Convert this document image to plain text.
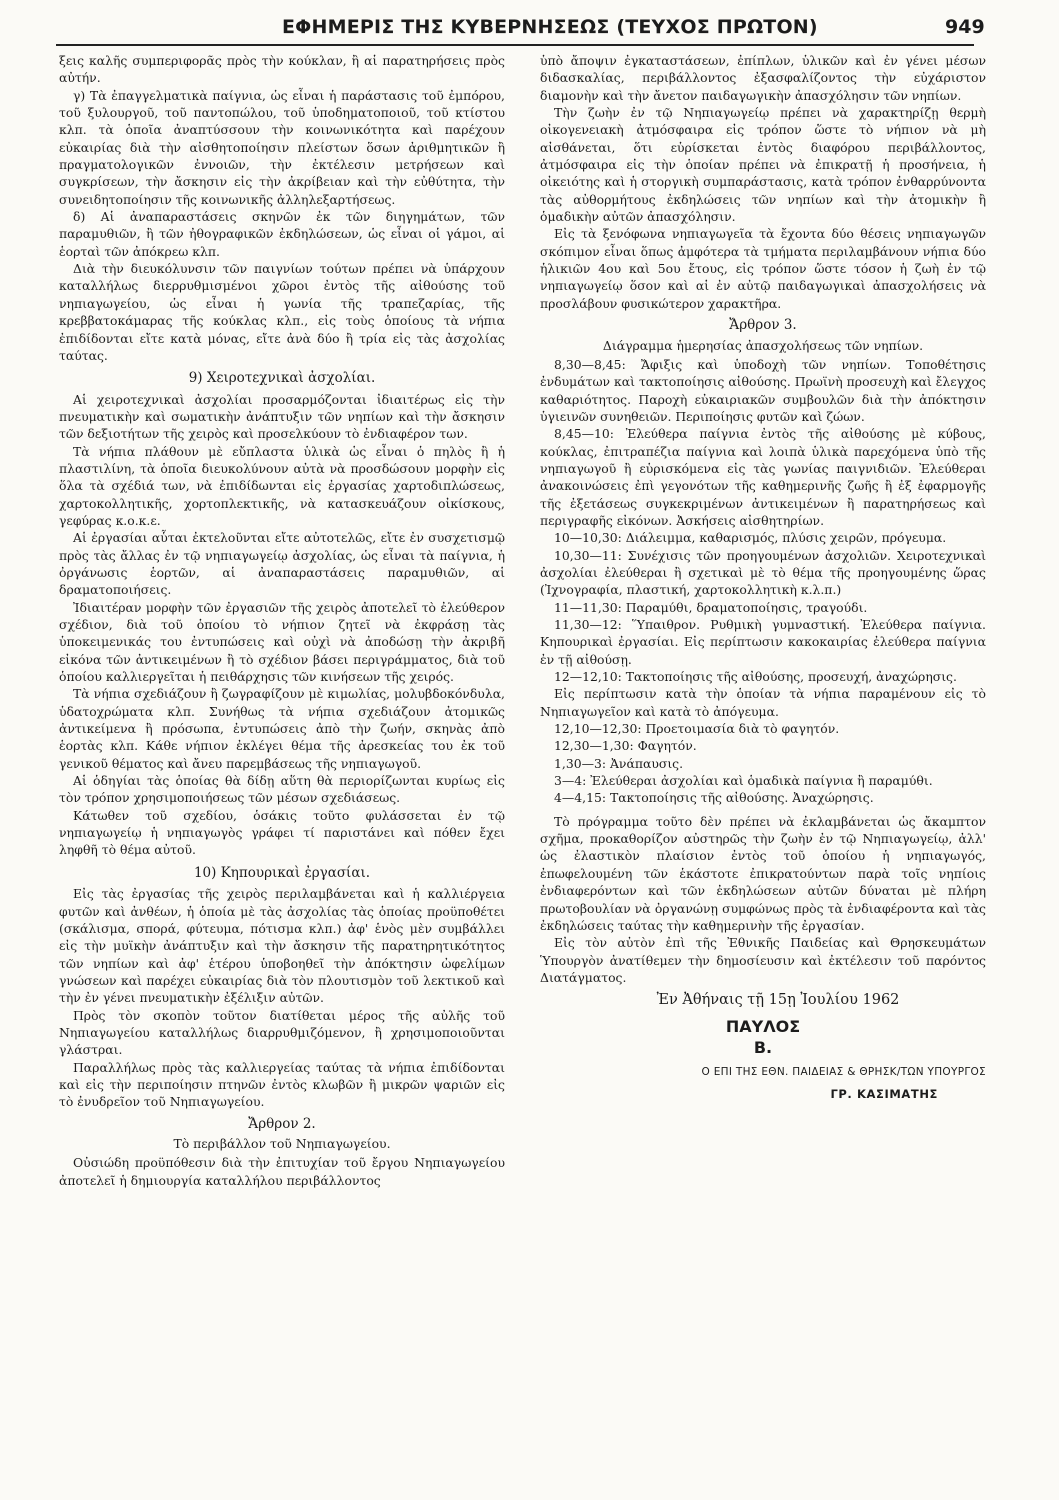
ΕΦΗΜΕΡΙΣ ΤΗΣ ΚΥΒΕΡΝΗΣΕΩΣ (ΤΕΥΧΟΣ ΠΡΩΤΟΝ)	949

ξεις καλῆς συμπεριφορᾶς πρὸς τὴν κούκλαν, ἢ αἱ παρατηρήσεις πρὸς αὐτήν.

γ) Τὰ ἐπαγγελματικὰ παίγνια, ὡς εἶναι ἡ παράστασις τοῦ ἐμπόρου, τοῦ ξυλουργοῦ, τοῦ παντοπώλου, τοῦ ὑποδηματοποιοῦ, τοῦ κτίστου κλπ. τὰ ὁποῖα ἀναπτύσσουν τὴν κοινωνικότητα καὶ παρέχουν εὐκαιρίας διὰ τὴν αἰσθητοποίησιν πλείστων ὅσων ἀριθμητικῶν ἢ πραγματολογικῶν ἐννοιῶν, τὴν ἐκτέλεσιν μετρήσεων καὶ συγκρίσεων, τὴν ἄσκησιν εἰς τὴν ἀκρίβειαν καὶ τὴν εὐθύτητα, τὴν συνειδητοποίησιν τῆς κοινωνικῆς ἀλληλεξαρτήσεως.

δ) Αἱ ἀναπαραστάσεις σκηνῶν ἐκ τῶν διηγημάτων, τῶν παραμυθιῶν, ἢ τῶν ἠθογραφικῶν ἐκδηλώσεων, ὡς εἶναι οἱ γάμοι, αἱ ἑορταὶ τῶν ἀπόκρεω κλπ.

Διὰ τὴν διευκόλυνσιν τῶν παιγνίων τούτων πρέπει νὰ ὑπάρχουν καταλλήλως διερρυθμισμένοι χῶροι ἐντὸς τῆς αἰθούσης τοῦ νηπιαγωγείου, ὡς εἶναι ἡ γωνία τῆς τραπεζαρίας, τῆς κρεββατοκάμαρας τῆς κούκλας κλπ., εἰς τοὺς ὁποίους τὰ νήπια ἐπιδίδονται εἴτε κατὰ μόνας, εἴτε ἀνὰ δύο ἢ τρία εἰς τὰς ἀσχολίας ταύτας.

9) Χειροτεχνικαὶ ἀσχολίαι.

Αἱ χειροτεχνικαὶ ἀσχολίαι προσαρμόζονται ἰδιαιτέρως εἰς τὴν πνευματικὴν καὶ σωματικὴν ἀνάπτυξιν τῶν νηπίων καὶ τὴν ἄσκησιν τῶν δεξιοτήτων τῆς χειρὸς καὶ προσελκύουν τὸ ἐνδιαφέρον των.

Τὰ νήπια πλάθουν μὲ εὔπλαστα ὑλικὰ ὡς εἶναι ὁ πηλὸς ἢ ἡ πλαστιλίνη, τὰ ὁποῖα διευκολύνουν αὐτὰ νὰ προσδώσουν μορφὴν εἰς ὅλα τὰ σχέδιά των, νὰ ἐπιδίδωνται εἰς ἐργασίας χαρτοδιπλώσεως, χαρτοκολλητικῆς, χορτοπλεκτικῆς, νὰ κατασκευάζουν οἰκίσκους, γεφύρας κ.ο.κ.ε.

Αἱ ἐργασίαι αὗται ἐκτελοῦνται εἴτε αὐτοτελῶς, εἴτε ἐν συσχετισμῷ πρὸς τὰς ἄλλας ἐν τῷ νηπιαγωγείῳ ἀσχολίας, ὡς εἶναι τὰ παίγνια, ἡ ὀργάνωσις ἑορτῶν, αἱ ἀναπαραστάσεις παραμυθιῶν, αἱ δραματοποιήσεις.

Ἰδιαιτέραν μορφὴν τῶν ἐργασιῶν τῆς χειρὸς ἀποτελεῖ τὸ ἐλεύθερον σχέδιον, διὰ τοῦ ὁποίου τὸ νήπιον ζητεῖ νὰ ἐκφράσῃ τὰς ὑποκειμενικάς του ἐντυπώσεις καὶ οὐχὶ νὰ ἀποδώσῃ τὴν ἀκριβῆ εἰκόνα τῶν ἀντικειμένων ἢ τὸ σχέδιον βάσει περιγράμματος, διὰ τοῦ ὁποίου καλλιεργεῖται ἡ πειθάρχησις τῶν κινήσεων τῆς χειρός.

Τὰ νήπια σχεδιάζουν ἢ ζωγραφίζουν μὲ κιμωλίας, μολυβδοκόνδυλα, ὑδατοχρώματα κλπ. Συνήθως τὰ νήπια σχεδιάζουν ἀτομικῶς ἀντικείμενα ἢ πρόσωπα, ἐντυπώσεις ἀπὸ τὴν ζωήν, σκηνὰς ἀπὸ ἑορτὰς κλπ. Κάθε νήπιον ἐκλέγει θέμα τῆς ἀρεσκείας του ἐκ τοῦ γενικοῦ θέματος καὶ ἄνευ παρεμβάσεως τῆς νηπιαγωγοῦ.

Αἱ ὁδηγίαι τὰς ὁποίας θὰ δίδῃ αὕτη θὰ περιορίζωνται κυρίως εἰς τὸν τρόπον χρησιμοποιήσεως τῶν μέσων σχεδιάσεως.

Κάτωθεν τοῦ σχεδίου, ὁσάκις τοῦτο φυλάσσεται ἐν τῷ νηπιαγωγείῳ ἡ νηπιαγωγὸς γράφει τί παριστάνει καὶ πόθεν ἔχει ληφθῆ τὸ θέμα αὐτοῦ.

10) Κηπουρικαὶ ἐργασίαι.

Εἰς τὰς ἐργασίας τῆς χειρὸς περιλαμβάνεται καὶ ἡ καλλιέργεια φυτῶν καὶ ἀνθέων, ἡ ὁποία μὲ τὰς ἀσχολίας τὰς ὁποίας προϋποθέτει (σκάλισμα, σπορά, φύτευμα, πότισμα κλπ.) ἀφ' ἑνὸς μὲν συμβάλλει εἰς τὴν μυϊκὴν ἀνάπτυξιν καὶ τὴν ἄσκησιν τῆς παρατηρητικότητος τῶν νηπίων καὶ ἀφ' ἑτέρου ὑποβοηθεῖ τὴν ἀπόκτησιν ὠφελίμων γνώσεων καὶ παρέχει εὐκαιρίας διὰ τὸν πλουτισμὸν τοῦ λεκτικοῦ καὶ τὴν ἐν γένει πνευματικὴν ἐξέλιξιν αὐτῶν.

Πρὸς τὸν σκοπὸν τοῦτον διατίθεται μέρος τῆς αὐλῆς τοῦ Νηπιαγωγείου καταλλήλως διαρρυθμιζόμενον, ἢ χρησιμοποιοῦνται γλάστραι.

Παραλλήλως πρὸς τὰς καλλιεργείας ταύτας τὰ νήπια ἐπιδίδονται καὶ εἰς τὴν περιποίησιν πτηνῶν ἐντὸς κλωβῶν ἢ μικρῶν ψαριῶν εἰς τὸ ἐνυδρεῖον τοῦ Νηπιαγωγείου.

Ἄρθρον 2.
Τὸ περιβάλλον τοῦ Νηπιαγωγείου.

Οὐσιώδη προϋπόθεσιν διὰ τὴν ἐπιτυχίαν τοῦ ἔργου Νηπιαγωγείου ἀποτελεῖ ἡ δημιουργία καταλλήλου περιβάλλοντος

ὑπὸ ἄποψιν ἐγκαταστάσεων, ἐπίπλων, ὑλικῶν καὶ ἐν γένει μέσων διδασκαλίας, περιβάλλοντος ἐξασφαλίζοντος τὴν εὐχάριστον διαμονὴν καὶ τὴν ἄνετον παιδαγωγικὴν ἀπασχόλησιν τῶν νηπίων.

Τὴν ζωὴν ἐν τῷ Νηπιαγωγείῳ πρέπει νὰ χαρακτηρίζῃ θερμὴ οἰκογενειακὴ ἀτμόσφαιρα εἰς τρόπον ὥστε τὸ νήπιον νὰ μὴ αἰσθάνεται, ὅτι εὑρίσκεται ἐντὸς διαφόρου περιβάλλοντος, ἀτμόσφαιρα εἰς τὴν ὁποίαν πρέπει νὰ ἐπικρατῇ ἡ προσήνεια, ἡ οἰκειότης καὶ ἡ στοργικὴ συμπαράστασις, κατὰ τρόπον ἐνθαρρύνοντα τὰς αὐθορμήτους ἐκδηλώσεις τῶν νηπίων καὶ τὴν ἀτομικὴν ἢ ὁμαδικὴν αὐτῶν ἀπασχόλησιν.

Εἰς τὰ ξενόφωνα νηπιαγωγεῖα τὰ ἔχοντα δύο θέσεις νηπιαγωγῶν σκόπιμον εἶναι ὅπως ἀμφότερα τὰ τμήματα περιλαμβάνουν νήπια δύο ἡλικιῶν 4ου καὶ 5ου ἔτους, εἰς τρόπον ὥστε τόσον ἡ ζωὴ ἐν τῷ νηπιαγωγείῳ ὅσον καὶ αἱ ἐν αὐτῷ παιδαγωγικαὶ ἀπασχολήσεις νὰ προσλάβουν φυσικώτερον χαρακτῆρα.

Ἄρθρον 3.
Διάγραμμα ἡμερησίας ἀπασχολήσεως τῶν νηπίων.

8,30—8,45: Ἄφιξις καὶ ὑποδοχὴ τῶν νηπίων. Τοποθέτησις ἐνδυμάτων καὶ τακτοποίησις αἰθούσης. Πρωϊνὴ προσευχὴ καὶ ἔλεγχος καθαριότητος. Παροχὴ εὐκαιριακῶν συμβουλῶν διὰ τὴν ἀπόκτησιν ὑγιεινῶν συνηθειῶν. Περιποίησις φυτῶν καὶ ζώων.

8,45—10: Ἐλεύθερα παίγνια ἐντὸς τῆς αἰθούσης μὲ κύβους, κούκλας, ἐπιτραπέζια παίγνια καὶ λοιπὰ ὑλικὰ παρεχόμενα ὑπὸ τῆς νηπιαγωγοῦ ἢ εὑρισκόμενα εἰς τὰς γωνίας παιγνιδιῶν. Ἐλεύθεραι ἀνακοινώσεις ἐπὶ γεγονότων τῆς καθημερινῆς ζωῆς ἢ ἐξ ἐφαρμογῆς τῆς ἐξετάσεως συγκεκριμένων ἀντικειμένων ἢ παρατηρήσεως καὶ περιγραφῆς εἰκόνων. Ἀσκήσεις αἰσθητηρίων.

10—10,30: Διάλειμμα, καθαρισμός, πλύσις χειρῶν, πρόγευμα.

10,30—11: Συνέχισις τῶν προηγουμένων ἀσχολιῶν. Χειροτεχνικαὶ ἀσχολίαι ἐλεύθεραι ἢ σχετικαὶ μὲ τὸ θέμα τῆς προηγουμένης ὥρας (Ἰχνογραφία, πλαστική, χαρτοκολλητικὴ κ.λ.π.)

11—11,30: Παραμύθι, δραματοποίησις, τραγούδι.

11,30—12: Ὕπαιθρον. Ρυθμικὴ γυμναστική. Ἐλεύθερα παίγνια. Κηπουρικαὶ ἐργασίαι. Εἰς περίπτωσιν κακοκαιρίας ἐλεύθερα παίγνια ἐν τῇ αἰθούσῃ.

12—12,10: Τακτοποίησις τῆς αἰθούσης, προσευχή, ἀναχώρησις.

Εἰς περίπτωσιν κατὰ τὴν ὁποίαν τὰ νήπια παραμένουν εἰς τὸ Νηπιαγωγεῖον καὶ κατὰ τὸ ἀπόγευμα.

12,10—12,30: Προετοιμασία διὰ τὸ φαγητόν.

12,30—1,30: Φαγητόν.

1,30—3: Ἀνάπαυσις.

3—4: Ἐλεύθεραι ἀσχολίαι καὶ ὁμαδικὰ παίγνια ἢ παραμύθι.

4—4,15: Τακτοποίησις τῆς αἰθούσης. Ἀναχώρησις.

Τὸ πρόγραμμα τοῦτο δὲν πρέπει νὰ ἐκλαμβάνεται ὡς ἄκαμπτον σχῆμα, προκαθορίζον αὐστηρῶς τὴν ζωὴν ἐν τῷ Νηπιαγωγείῳ, ἀλλ' ὡς ἐλαστικὸν πλαίσιον ἐντὸς τοῦ ὁποίου ἡ νηπιαγωγός, ἐπωφελουμένη τῶν ἑκάστοτε ἐπικρατούντων παρὰ τοῖς νηπίοις ἐνδιαφερόντων καὶ τῶν ἐκδηλώσεων αὐτῶν δύναται μὲ πλήρη πρωτοβουλίαν νὰ ὀργανώνῃ συμφώνως πρὸς τὰ ἐνδιαφέροντα καὶ τὰς ἐκδηλώσεις ταύτας τὴν καθημερινὴν τῆς ἐργασίαν.

Εἰς τὸν αὐτὸν ἐπὶ τῆς Ἐθνικῆς Παιδείας καὶ Θρησκευμάτων Ὑπουργὸν ἀνατίθεμεν τὴν δημοσίευσιν καὶ ἐκτέλεσιν τοῦ παρόντος Διατάγματος.

Ἐν Ἀθήναις τῇ 15ῃ Ἰουλίου 1962
ΠΑΥΛΟΣ
Β.
Ο ΕΠΙ ΤΗΣ ΕΘΝ. ΠΑΙΔΕΙΑΣ & ΘΡΗΣΚ/ΤΩΝ ΥΠΟΥΡΓΟΣ
ΓΡ. ΚΑΣΙΜΑΤΗΣ
